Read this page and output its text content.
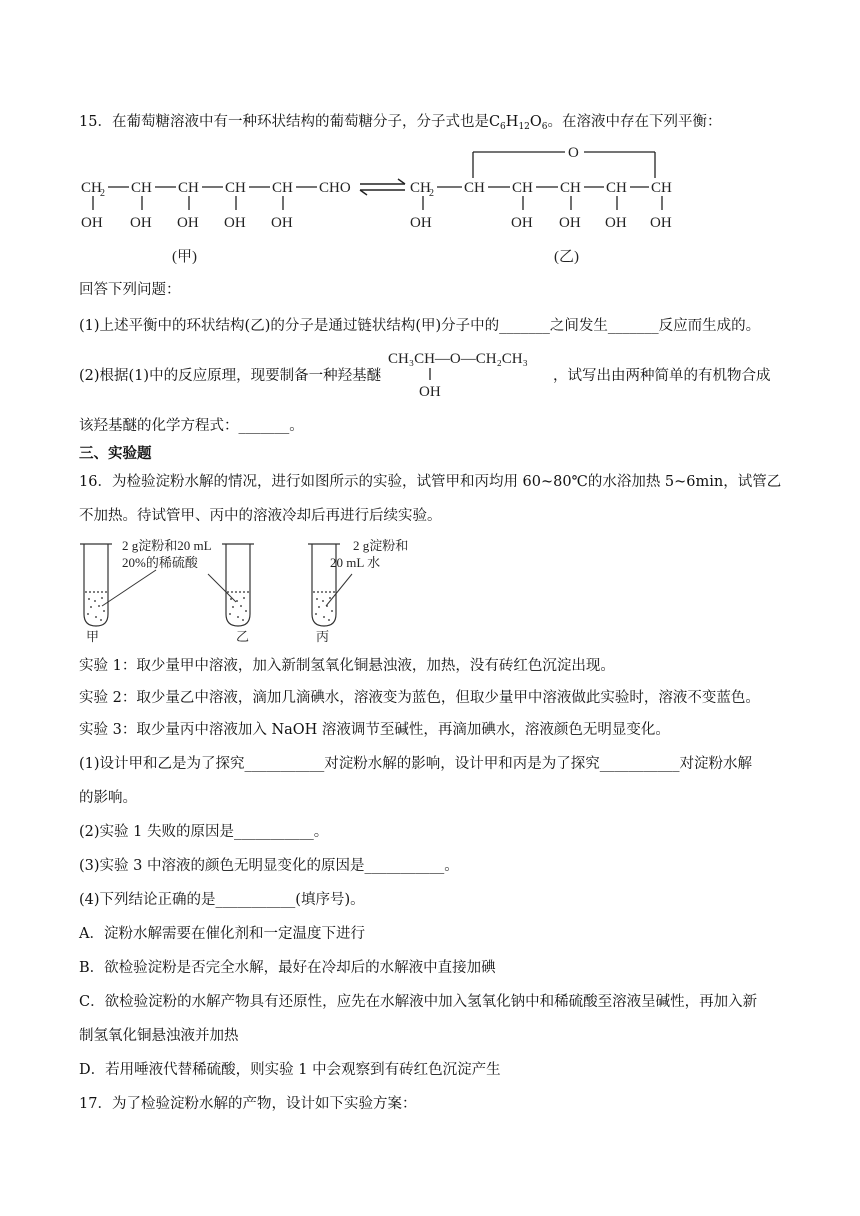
15．在葡萄糖溶液中有一种环状结构的葡萄糖分子，分子式也是$C_6H_{12}O_6$。在溶液中存在下列平衡：
CH
2 CH CH CH CH CHO
OH OH OH OH OH
(甲)
O
CH
2 CH CH CH CH CH
OH	OH OH OH OH
(乙)
回答下列问题：
(1)上述平衡中的环状结构(乙)的分子是通过链状结构(甲)分子中的_______之间发生_______反应而生成的。
(2)根据(1)中的反应原理，现要制备一种羟基醚
CH₃CH—O—CH₂CH₃
OH
，试写出由两种简单的有机物合成
该羟基醚的化学方程式：_______。
三、实验题
16．为检验淀粉水解的情况，进行如图所示的实验，试管甲和丙均用 60~80℃的水浴加热 5~6min，试管乙
不加热。待试管甲、丙中的溶液冷却后再进行后续实验。
2 g淀粉和20 mL
20%的稀硫酸
2 g淀粉和
20 mL 水
甲	乙	丙
实验 1：取少量甲中溶液，加入新制氢氧化铜悬浊液，加热，没有砖红色沉淀出现。
实验 2：取少量乙中溶液，滴加几滴碘水，溶液变为蓝色，但取少量甲中溶液做此实验时，溶液不变蓝色。
实验 3：取少量丙中溶液加入 NaOH 溶液调节至碱性，再滴加碘水，溶液颜色无明显变化。
(1)设计甲和乙是为了探究___________对淀粉水解的影响，设计甲和丙是为了探究___________对淀粉水解
的影响。
(2)实验 1 失败的原因是___________。
(3)实验 3 中溶液的颜色无明显变化的原因是___________。
(4)下列结论正确的是___________(填序号)。
A．淀粉水解需要在催化剂和一定温度下进行
B．欲检验淀粉是否完全水解，最好在冷却后的水解液中直接加碘
C．欲检验淀粉的水解产物具有还原性，应先在水解液中加入氢氧化钠中和稀硫酸至溶液呈碱性，再加入新
制氢氧化铜悬浊液并加热
D．若用唾液代替稀硫酸，则实验 1 中会观察到有砖红色沉淀产生
17．为了检验淀粉水解的产物，设计如下实验方案：
